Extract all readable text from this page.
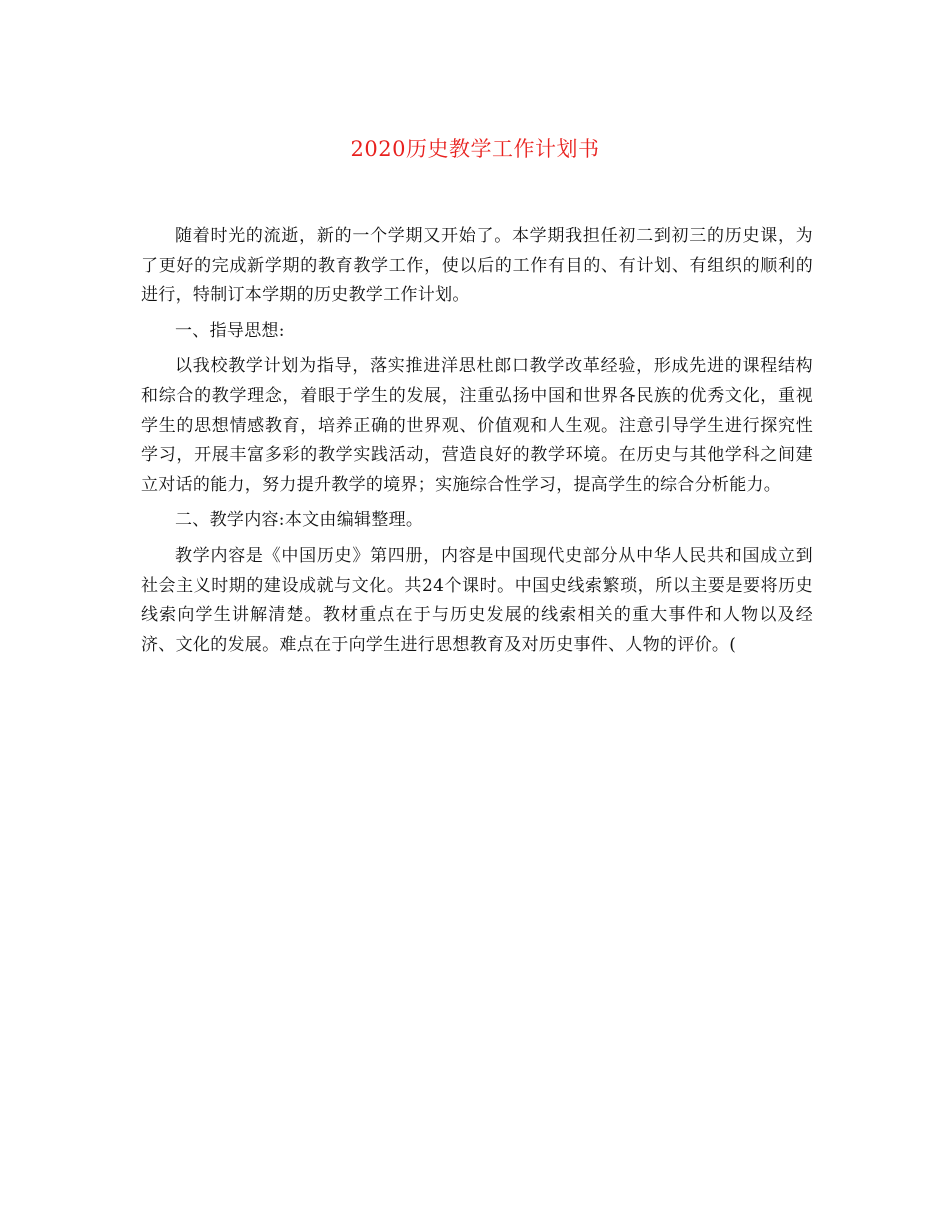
2020历史教学工作计划书

随着时光的流逝，新的一个学期又开始了。本学期我担任初二到初三的历史课，为了更好的完成新学期的教育教学工作，使以后的工作有目的、有计划、有组织的顺利的进行，特制订本学期的历史教学工作计划。

一、指导思想:

以我校教学计划为指导，落实推进洋思杜郎口教学改革经验，形成先进的课程结构和综合的教学理念，着眼于学生的发展，注重弘扬中国和世界各民族的优秀文化，重视学生的思想情感教育，培养正确的世界观、价值观和人生观。注意引导学生进行探究性学习，开展丰富多彩的教学实践活动，营造良好的教学环境。在历史与其他学科之间建立对话的能力，努力提升教学的境界；实施综合性学习，提高学生的综合分析能力。

二、教学内容:本文由编辑整理。

教学内容是《中国历史》第四册，内容是中国现代史部分从中华人民共和国成立到社会主义时期的建设成就与文化。共24个课时。中国史线索繁琐，所以主要是要将历史线索向学生讲解清楚。教材重点在于与历史发展的线索相关的重大事件和人物以及经济、文化的发展。难点在于向学生进行思想教育及对历史事件、人物的评价。(
